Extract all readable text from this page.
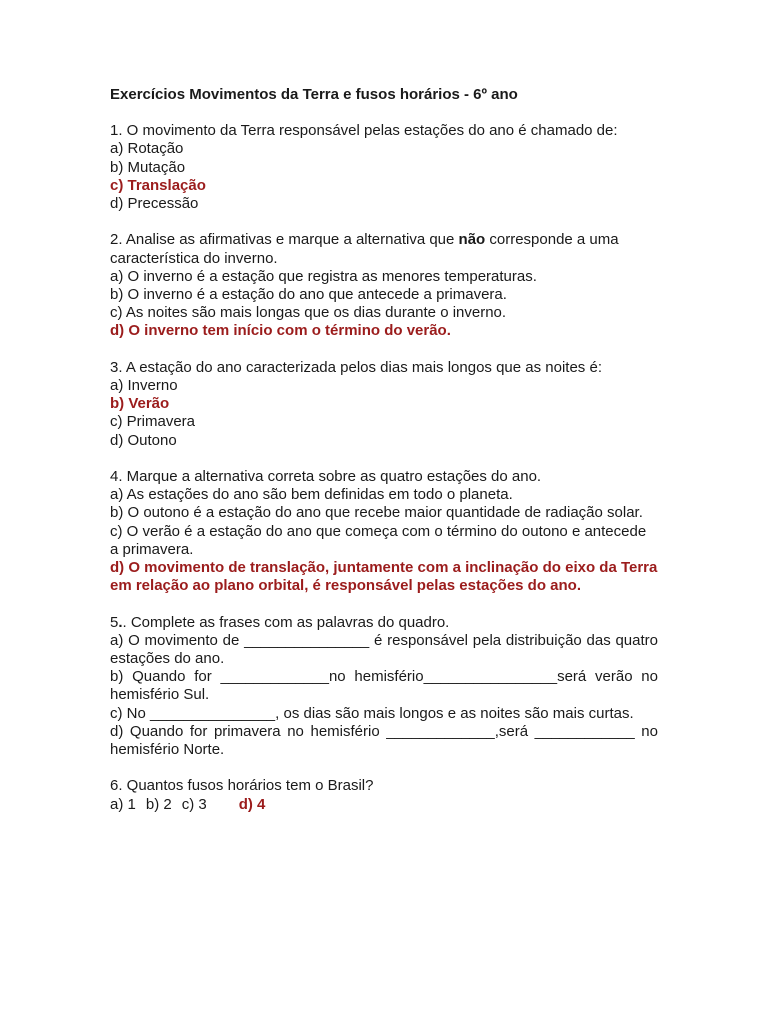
Exercícios Movimentos da Terra e fusos horários - 6º ano
1. O movimento da Terra responsável pelas estações do ano é chamado de:
a) Rotação
b) Mutação
c) Translação
d) Precessão
2. Analise as afirmativas e marque a alternativa que não corresponde a uma característica do inverno.
a) O inverno é a estação que registra as menores temperaturas.
b) O inverno é a estação do ano que antecede a primavera.
c) As noites são mais longas que os dias durante o inverno.
d) O inverno tem início com o término do verão.
3. A estação do ano caracterizada pelos dias mais longos que as noites é:
a) Inverno
b) Verão
c) Primavera
d) Outono
4. Marque a alternativa correta sobre as quatro estações do ano.
a) As estações do ano são bem definidas em todo o planeta.
b) O outono é a estação do ano que recebe maior quantidade de radiação solar.
c) O verão é a estação do ano que começa com o término do outono e antecede a primavera.
d) O movimento de translação, juntamente com a inclinação do eixo da Terra em relação ao plano orbital, é responsável pelas estações do ano.
5.. Complete as frases com as palavras do quadro.
a) O movimento de _______________ é responsável pela distribuição das quatro estações do ano.
b) Quando for _____________no hemisfério________________será verão no hemisfério Sul.
c) No _______________, os dias são mais longos e as noites são mais curtas.
d) Quando for primavera no hemisfério _____________,será ____________ no hemisfério Norte.
6. Quantos fusos horários tem o Brasil?
a) 1 b) 2 c) 3 d) 4
